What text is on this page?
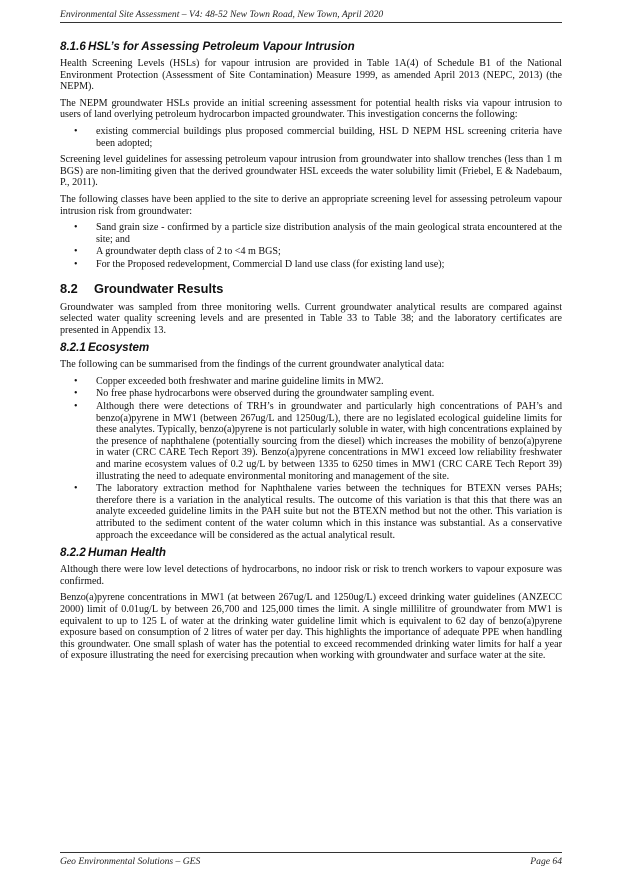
Environmental Site Assessment – V4: 48-52 New Town Road, New Town, April 2020
8.1.6 HSL’s for Assessing Petroleum Vapour Intrusion

Health Screening Levels (HSLs) for vapour intrusion are provided in Table 1A(4) of Schedule B1 of the National Environment Protection (Assessment of Site Contamination) Measure 1999, as amended April 2013 (NEPC, 2013) (the NEPM).

The NEPM groundwater HSLs provide an initial screening assessment for potential health risks via vapour intrusion to users of land overlying petroleum hydrocarbon impacted groundwater. This investigation concerns the following:

• existing commercial buildings plus proposed commercial building, HSL D NEPM HSL screening criteria have been adopted;

Screening level guidelines for assessing petroleum vapour intrusion from groundwater into shallow trenches (less than 1 m BGS) are non-limiting given that the derived groundwater HSL exceeds the water solubility limit (Friebel, E & Nadebaum, P., 2011).

The following classes have been applied to the site to derive an appropriate screening level for assessing petroleum vapour intrusion risk from groundwater:

• Sand grain size - confirmed by a particle size distribution analysis of the main geological strata encountered at the site; and
• A groundwater depth class of 2 to <4 m BGS;
• For the Proposed redevelopment, Commercial D land use class (for existing land use);
8.2 Groundwater Results

Groundwater was sampled from three monitoring wells. Current groundwater analytical results are compared against selected water quality screening levels and are presented in Table 33 to Table 38; and the laboratory certificates are presented in Appendix 13.

8.2.1 Ecosystem

The following can be summarised from the findings of the current groundwater analytical data:

• Copper exceeded both freshwater and marine guideline limits in MW2.
• No free phase hydrocarbons were observed during the groundwater sampling event.
• Although there were detections of TRH’s in groundwater and particularly high concentrations of PAH’s and benzo(a)pyrene in MW1 (between 267ug/L and 1250ug/L), there are no legislated ecological guideline limits for these analytes. Typically, benzo(a)pyrene is not particularly soluble in water, with high concentrations explained by the presence of naphthalene (potentially sourcing from the diesel) which increases the mobility of benzo(a)pyrene in water (CRC CARE Tech Report 39). Benzo(a)pyrene concentrations in MW1 exceed low reliability freshwater and marine ecosystem values of 0.2 ug/L by between 1335 to 6250 times in MW1 (CRC CARE Tech Report 39) illustrating the need to adequate environmental monitoring and management of the site.
• The laboratory extraction method for Naphthalene varies between the techniques for BTEXN verses PAHs; therefore there is a variation in the analytical results. The outcome of this variation is that this that there was an analyte exceeded guideline limits in the PAH suite but not the BTEXN method but not the other. This variation is attributed to the sediment content of the water column which in this instance was substantial. As a conservative approach the exceedance will be considered as the actual analytical result.
8.2.2 Human Health

Although there were low level detections of hydrocarbons, no indoor risk or risk to trench workers to vapour exposure was confirmed.

Benzo(a)pyrene concentrations in MW1 (at between 267ug/L and 1250ug/L) exceed drinking water guidelines (ANZECC 2000) limit of 0.01ug/L by between 26,700 and 125,000 times the limit. A single millilitre of groundwater from MW1 is equivalent to up to 125 L of water at the drinking water guideline limit which is equivalent to 62 day of benzo(a)pyrene exposure based on consumption of 2 litres of water per day. This highlights the importance of adequate PPE when handling this groundwater. One small splash of water has the potential to exceed recommended drinking water limits for half a year of exposure illustrating the need for exercising precaution when working with groundwater and surface water at the site.

Geo Environmental Solutions – GES	Page 64
